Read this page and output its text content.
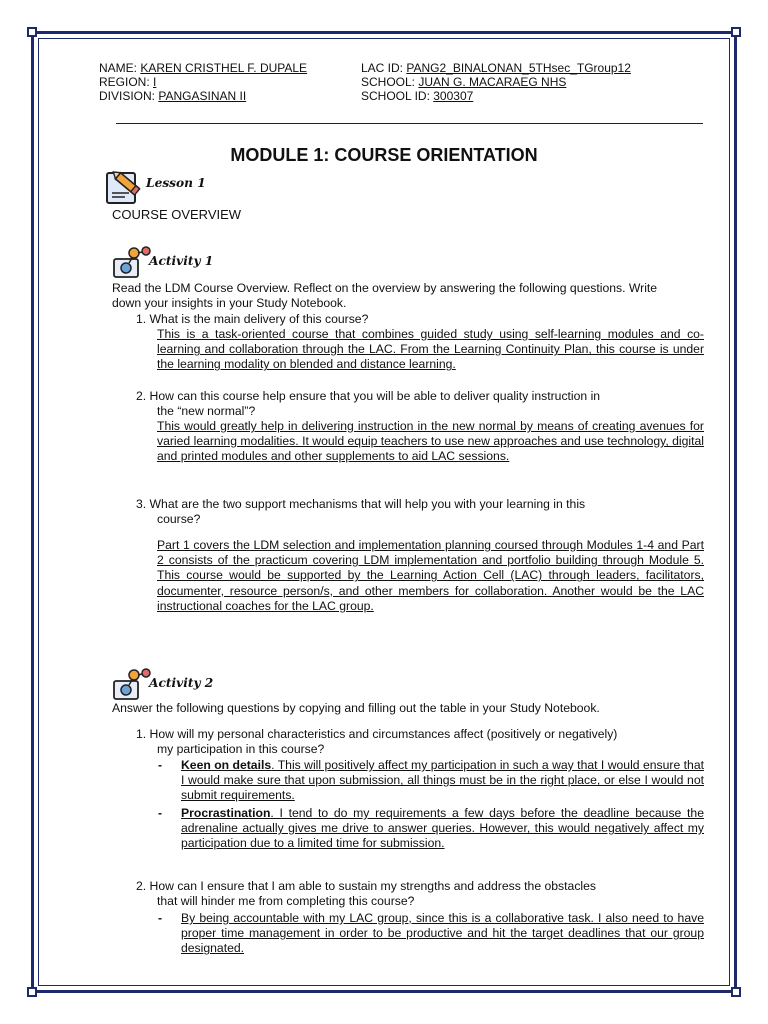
NAME: KAREN CRISTHEL F. DUPALE
REGION: I
DIVISION: PANGASINAN II
LAC ID: PANG2_BINALONAN_5THsec_TGroup12
SCHOOL: JUAN G. MACARAEG NHS
SCHOOL ID: 300307
MODULE 1: COURSE ORIENTATION
Lesson 1
COURSE OVERVIEW
Activity 1
Read the LDM Course Overview. Reflect on the overview by answering the following questions. Write down your insights in your Study Notebook.
1. What is the main delivery of this course?
This is a task-oriented course that combines guided study using self-learning modules and co-learning and collaboration through the LAC. From the Learning Continuity Plan, this course is under the learning modality on blended and distance learning.
2. How can this course help ensure that you will be able to deliver quality instruction in
the “new normal”?
This would greatly help in delivering instruction in the new normal by means of creating avenues for varied learning modalities. It would equip teachers to use new approaches and use technology, digital and printed modules and other supplements to aid LAC sessions.
3. What are the two support mechanisms that will help you with your learning in this
course?
Part 1 covers the LDM selection and implementation planning coursed through Modules 1-4 and Part 2 consists of the practicum covering LDM implementation and portfolio building through Module 5. This course would be supported by the Learning Action Cell (LAC) through leaders, facilitators, documenter, resource person/s, and other members for collaboration. Another would be the LAC instructional coaches for the LAC group.
Activity 2
Answer the following questions by copying and filling out the table in your Study Notebook.
1. How will my personal characteristics and circumstances affect (positively or negatively)
my participation in this course?
- Keen on details. This will positively affect my participation in such a way that I would ensure that I would make sure that upon submission, all things must be in the right place, or else I would not submit requirements.
- Procrastination. I tend to do my requirements a few days before the deadline because the adrenaline actually gives me drive to answer queries. However, this would negatively affect my participation due to a limited time for submission.
2. How can I ensure that I am able to sustain my strengths and address the obstacles
that will hinder me from completing this course?
- By being accountable with my LAC group, since this is a collaborative task. I also need to have proper time management in order to be productive and hit the target deadlines that our group designated.
